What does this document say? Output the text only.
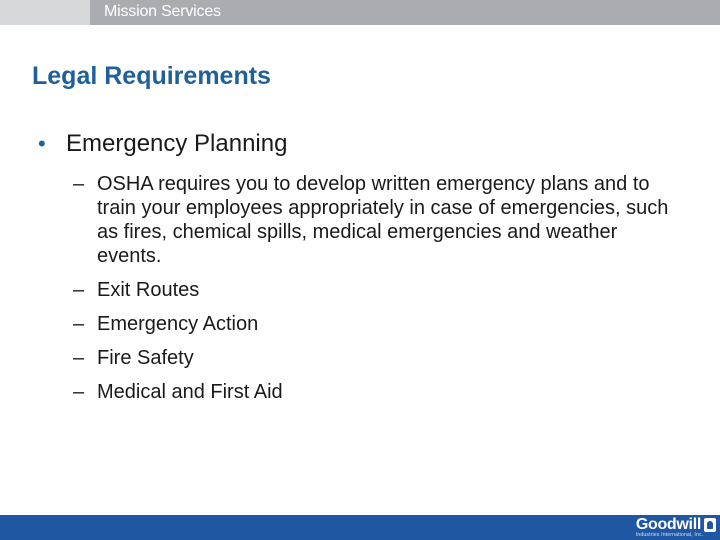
Mission Services
Legal Requirements
• Emergency Planning
– OSHA requires you to develop written emergency plans and to train your employees appropriately in case of emergencies, such as fires, chemical spills, medical emergencies and weather events.
– Exit Routes
– Emergency Action
– Fire Safety
– Medical and First Aid
Goodwill
Industries International, Inc.
